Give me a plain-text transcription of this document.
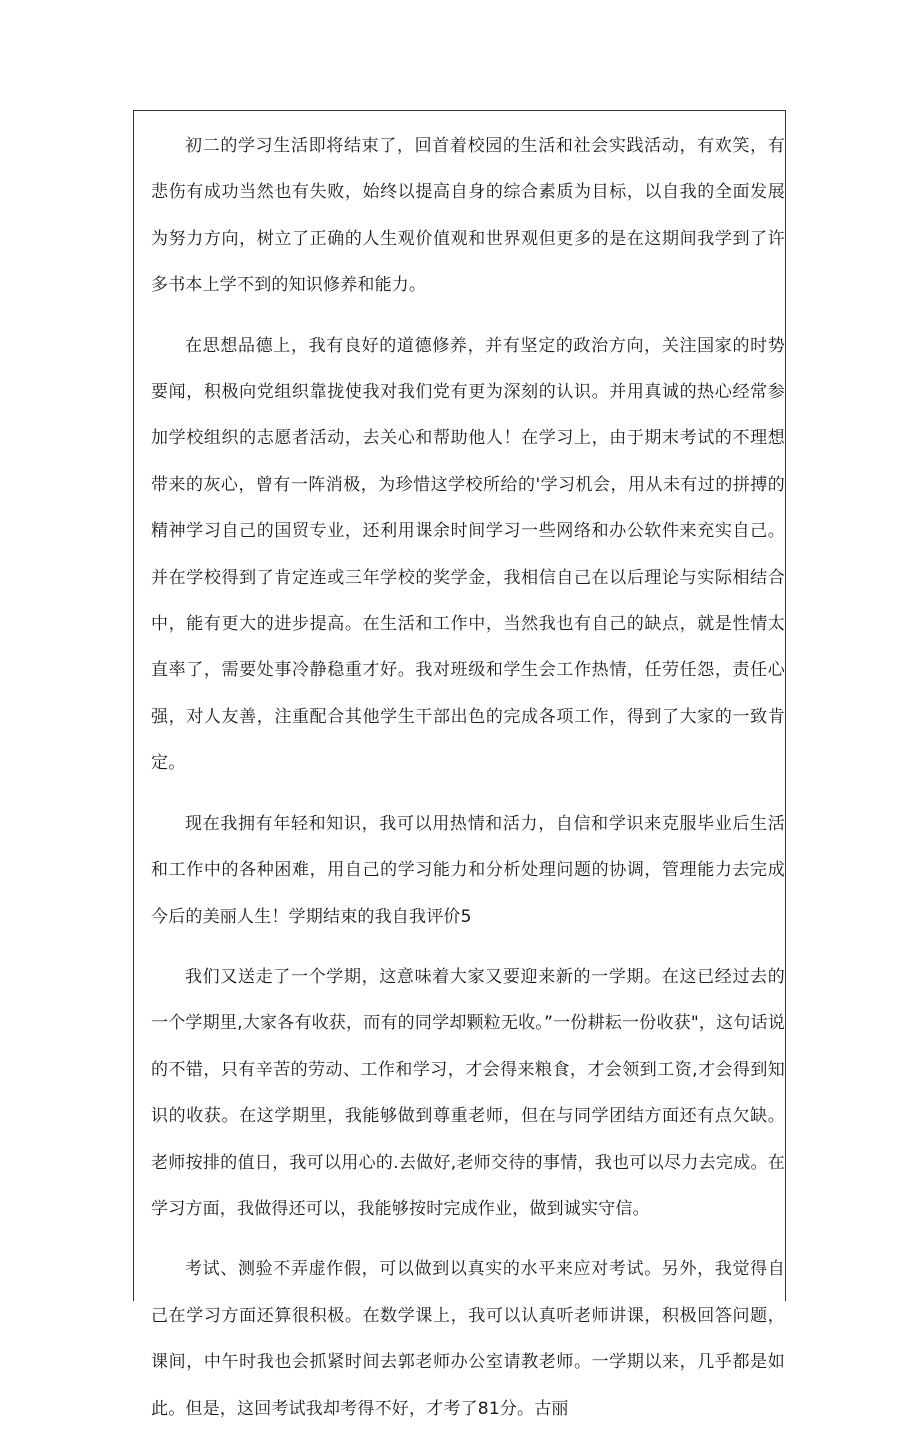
初二的学习生活即将结束了，回首着校园的生活和社会实践活动，有欢笑，有悲伤有成功当然也有失败，始终以提高自身的综合素质为目标，以自我的全面发展为努力方向，树立了正确的人生观价值观和世界观但更多的是在这期间我学到了许多书本上学不到的知识修养和能力。

在思想品德上，我有良好的道德修养，并有坚定的政治方向，关注国家的时势要闻，积极向党组织靠拢使我对我们党有更为深刻的认识。并用真诚的热心经常参加学校组织的志愿者活动，去关心和帮助他人！在学习上，由于期末考试的不理想带来的灰心，曾有一阵消极，为珍惜这学校所给的'学习机会，用从未有过的拼搏的精神学习自己的国贸专业，还利用课余时间学习一些网络和办公软件来充实自己。并在学校得到了肯定连或三年学校的奖学金，我相信自己在以后理论与实际相结合中，能有更大的进步提高。在生活和工作中，当然我也有自己的缺点，就是性情太直率了，需要处事冷静稳重才好。我对班级和学生会工作热情，任劳任怨，责任心强，对人友善，注重配合其他学生干部出色的完成各项工作，得到了大家的一致肯定。

现在我拥有年轻和知识，我可以用热情和活力，自信和学识来克服毕业后生活和工作中的各种困难，用自己的学习能力和分析处理问题的协调，管理能力去完成今后的美丽人生！学期结束的我自我评价5

我们又送走了一个学期，这意味着大家又要迎来新的一学期。在这已经过去的一个学期里,大家各有收获，而有的同学却颗粒无收。”一份耕耘一份收获"，这句话说的不错，只有辛苦的劳动、工作和学习，才会得来粮食，才会领到工资,才会得到知识的收获。在这学期里，我能够做到尊重老师，但在与同学团结方面还有点欠缺。老师按排的值日，我可以用心的.去做好,老师交待的事情，我也可以尽力去完成。在学习方面，我做得还可以，我能够按时完成作业，做到诚实守信。

考试、测验不弄虚作假，可以做到以真实的水平来应对考试。另外，我觉得自己在学习方面还算很积极。在数学课上，我可以认真听老师讲课，积极回答问题，课间，中午时我也会抓紧时间去郭老师办公室请教老师。一学期以来，几乎都是如此。但是，这回考试我却考得不好，才考了81分。古丽
